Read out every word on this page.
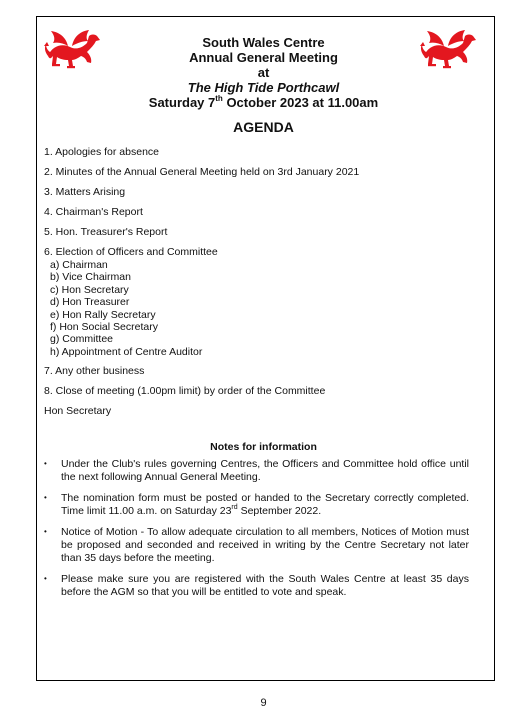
South Wales Centre
Annual General Meeting
at
The High Tide Porthcawl
Saturday 7th October 2023 at 11.00am
AGENDA
1. Apologies for absence
2. Minutes of the Annual General Meeting held on 3rd January 2021
3. Matters Arising
4. Chairman's Report
5. Hon. Treasurer's Report
6. Election of Officers and Committee
a) Chairman
b) Vice Chairman
c) Hon Secretary
d) Hon Treasurer
e) Hon Rally Secretary
f) Hon Social Secretary
g) Committee
h) Appointment of Centre Auditor
7. Any other business
8. Close of meeting (1.00pm limit) by order of the Committee
Hon Secretary
Notes for information
• Under the Club's rules governing Centres, the Officers and Committee hold office until the next following Annual General Meeting.
• The nomination form must be posted or handed to the Secretary correctly completed. Time limit 11.00 a.m. on Saturday 23rd September 2022.
• Notice of Motion - To allow adequate circulation to all members, Notices of Motion must be proposed and seconded and received in writing by the Centre Secretary not later than 35 days before the meeting.
• Please make sure you are registered with the South Wales Centre at least 35 days before the AGM so that you will be entitled to vote and speak.
9
